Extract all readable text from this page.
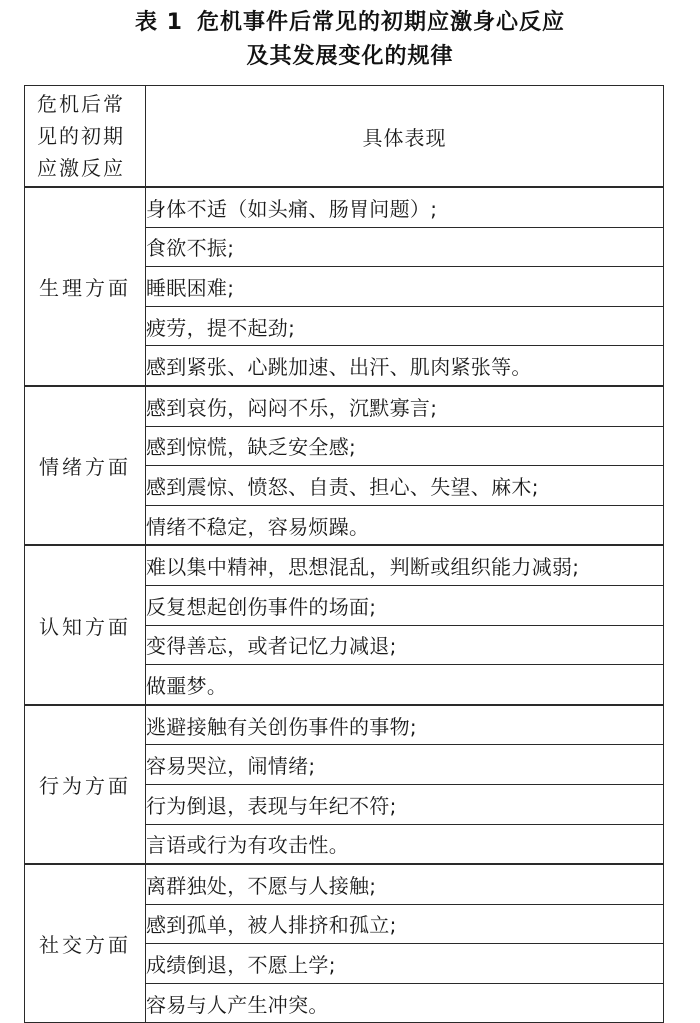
表 1 危机事件后常见的初期应激身心反应
及其发展变化的规律
危机后常
见的初期
应激反应	具体表现
生理方面	身体不适（如头痛、肠胃问题）;
	食欲不振;
	睡眠困难;
	疲劳，提不起劲;
	感到紧张、心跳加速、出汗、肌肉紧张等。
情绪方面	感到哀伤，闷闷不乐，沉默寡言;
	感到惊慌，缺乏安全感;
	感到震惊、愤怒、自责、担心、失望、麻木;
	情绪不稳定，容易烦躁。
认知方面	难以集中精神，思想混乱，判断或组织能力减弱;
	反复想起创伤事件的场面;
	变得善忘，或者记忆力减退;
	做噩梦。
行为方面	逃避接触有关创伤事件的事物;
	容易哭泣，闹情绪;
	行为倒退，表现与年纪不符;
	言语或行为有攻击性。
社交方面	离群独处，不愿与人接触;
	感到孤单，被人排挤和孤立;
	成绩倒退，不愿上学;
	容易与人产生冲突。
